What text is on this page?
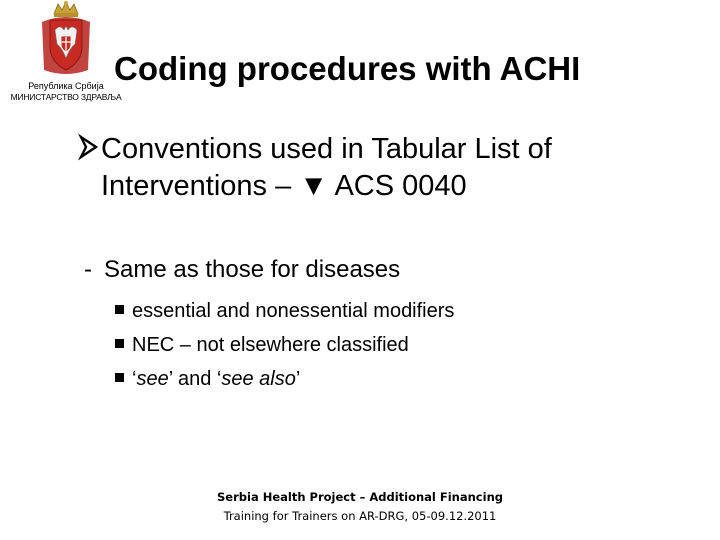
Република Србија
МИНИСТАРСТВО ЗДРАВЉА
Coding procedures with ACHI
Conventions used in Tabular List of
Interventions – ▼ ACS 0040
- Same as those for diseases
essential and nonessential modifiers
NEC – not elsewhere classified
‘see’ and ‘see also’
Serbia Health Project – Additional Financing
Training for Trainers on AR-DRG, 05-09.12.2011
